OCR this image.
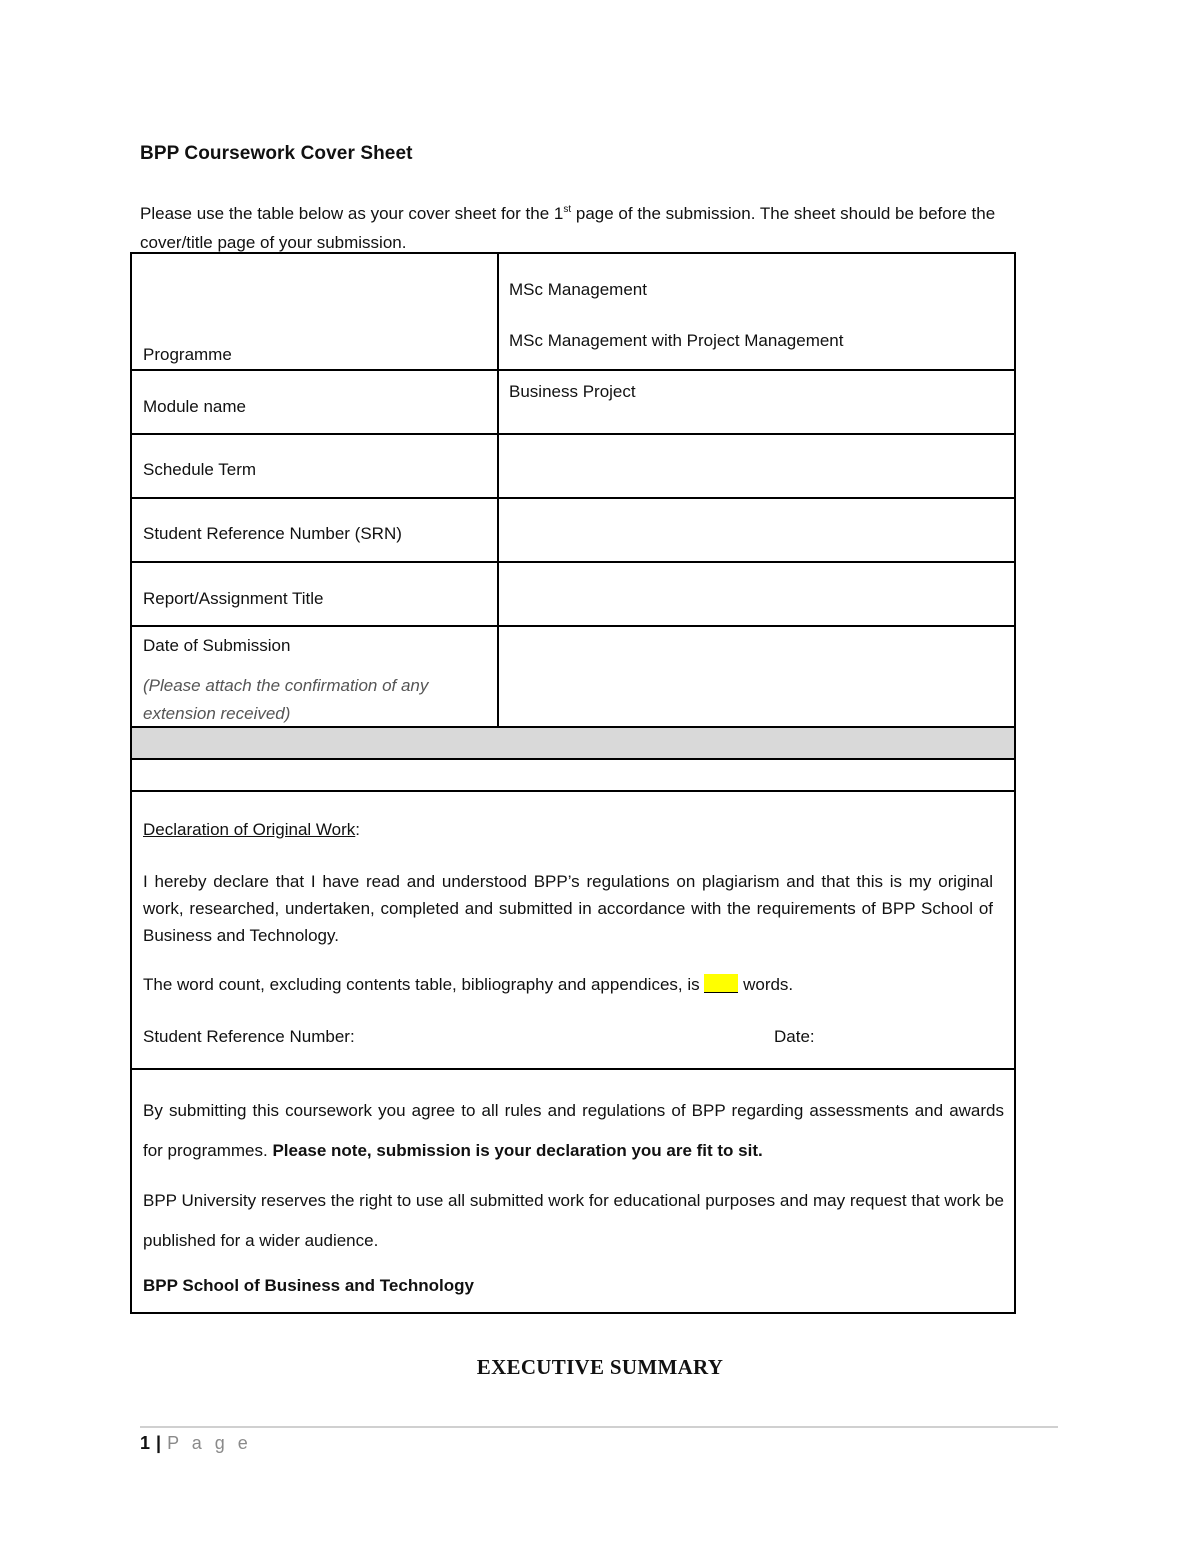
BPP Coursework Cover Sheet
Please use the table below as your cover sheet for the 1st page of the submission. The sheet should be before the cover/title page of your submission.
Programme
MSc Management
MSc Management with Project Management
Module name
Business Project
Schedule Term
Student Reference Number (SRN)
Report/Assignment Title
Date of Submission
(Please attach the confirmation of any extension received)
Declaration of Original Work:
I hereby declare that I have read and understood BPP’s regulations on plagiarism and that this is my original work, researched, undertaken, completed and submitted in accordance with the requirements of BPP School of Business and Technology.
The word count, excluding contents table, bibliography and appendices, is  words.
Student Reference Number:	Date:
By submitting this coursework you agree to all rules and regulations of BPP regarding assessments and awards for programmes. Please note, submission is your declaration you are fit to sit.
BPP University reserves the right to use all submitted work for educational purposes and may request that work be published for a wider audience.
BPP School of Business and Technology
EXECUTIVE SUMMARY
1 | P a g e
